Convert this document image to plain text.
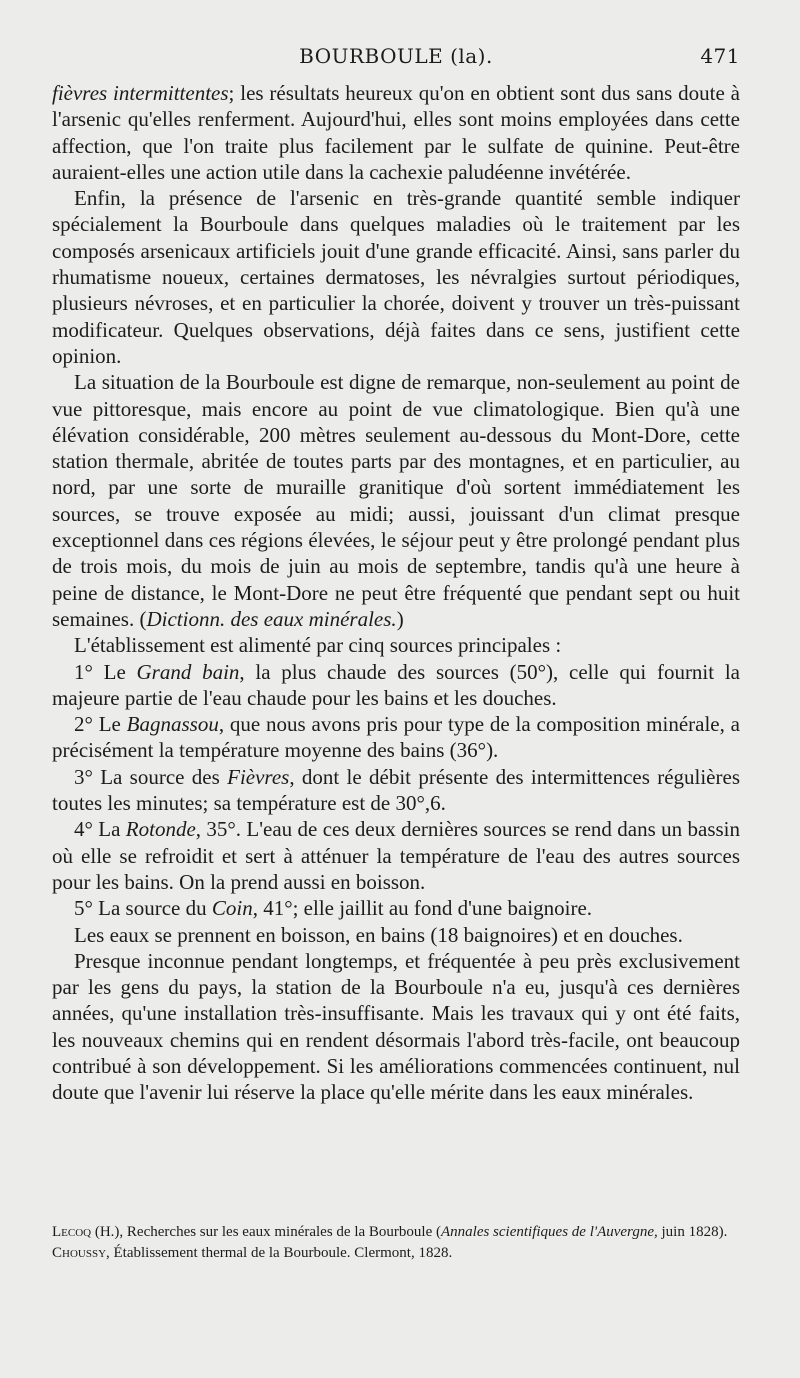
BOURBOULE (la).	471

fièvres intermittentes; les résultats heureux qu'on en obtient sont dus sans doute à l'arsenic qu'elles renferment. Aujourd'hui, elles sont moins employées dans cette affection, que l'on traite plus facilement par le sulfate de quinine. Peut-être auraient-elles une action utile dans la cachexie paludéenne invétérée.

Enfin, la présence de l'arsenic en très-grande quantité semble indiquer spécialement la Bourboule dans quelques maladies où le traitement par les composés arsenicaux artificiels jouit d'une grande efficacité. Ainsi, sans parler du rhumatisme noueux, certaines dermatoses, les névralgies surtout périodiques, plusieurs névroses, et en particulier la chorée, doivent y trouver un très-puissant modificateur. Quelques observations, déjà faites dans ce sens, justifient cette opinion.

La situation de la Bourboule est digne de remarque, non-seulement au point de vue pittoresque, mais encore au point de vue climatologique. Bien qu'à une élévation considérable, 200 mètres seulement au-dessous du Mont-Dore, cette station thermale, abritée de toutes parts par des montagnes, et en particulier, au nord, par une sorte de muraille granitique d'où sortent immédiatement les sources, se trouve exposée au midi; aussi, jouissant d'un climat presque exceptionnel dans ces régions élevées, le séjour peut y être prolongé pendant plus de trois mois, du mois de juin au mois de septembre, tandis qu'à une heure à peine de distance, le Mont-Dore ne peut être fréquenté que pendant sept ou huit semaines. (Dictionn. des eaux minérales.)

L'établissement est alimenté par cinq sources principales :

1° Le Grand bain, la plus chaude des sources (50°), celle qui fournit la majeure partie de l'eau chaude pour les bains et les douches.

2° Le Bagnassou, que nous avons pris pour type de la composition minérale, a précisément la température moyenne des bains (36°).

3° La source des Fièvres, dont le débit présente des intermittences régulières toutes les minutes; sa température est de 30°,6.

4° La Rotonde, 35°. L'eau de ces deux dernières sources se rend dans un bassin où elle se refroidit et sert à atténuer la température de l'eau des autres sources pour les bains. On la prend aussi en boisson.

5° La source du Coin, 41°; elle jaillit au fond d'une baignoire.

Les eaux se prennent en boisson, en bains (18 baignoires) et en douches.

Presque inconnue pendant longtemps, et fréquentée à peu près exclusivement par les gens du pays, la station de la Bourboule n'a eu, jusqu'à ces dernières années, qu'une installation très-insuffisante. Mais les travaux qui y ont été faits, les nouveaux chemins qui en rendent désormais l'abord très-facile, ont beaucoup contribué à son développement. Si les améliorations commencées continuent, nul doute que l'avenir lui réserve la place qu'elle mérite dans les eaux minérales.

Lecoq (H.), Recherches sur les eaux minérales de la Bourboule (Annales scientifiques de l'Auvergne, juin 1828).

Choussy, Établissement thermal de la Bourboule. Clermont, 1828.
